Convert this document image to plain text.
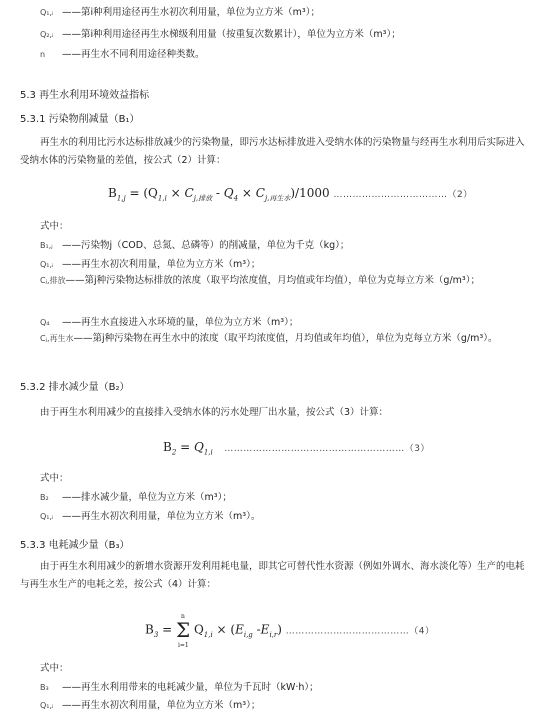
Q₁,ᵢ ——第i种利用途径再生水初次利用量，单位为立方米（m³）；
Q₂,ᵢ ——第i种利用途径再生水梯级利用量（按重复次数累计），单位为立方米（m³）；
n ——再生水不同利用途径种类数。
5.3 再生水利用环境效益指标
5.3.1 污染物削减量（B₁）
再生水的利用比污水达标排放减少的污染物量，即污水达标排放进入受纳水体的污染物量与经再生水利用后实际进入受纳水体的污染物量的差值，按公式（2）计算：
$B_{1,j} = (Q_{1,i} \times C_{j,排放} - Q_4 \times C_{j,再生水})/1000$ ………………………………（2）
式中：
B₁,ⱼ ——污染物j（COD、总氮、总磷等）的削减量，单位为千克（kg）；
Q₁,ᵢ ——再生水初次利用量，单位为立方米（m³）；
Cⱼ,排放——第j种污染物达标排放的浓度（取平均浓度值，月均值或年均值），单位为克每立方米（g/m³）；
Q₄ ——再生水直接进入水环境的量，单位为立方米（m³）；
Cⱼ,再生水——第j种污染物在再生水中的浓度（取平均浓度值，月均值或年均值），单位为克每立方米（g/m³）。
5.3.2 排水减少量（B₂）
由于再生水利用减少的直接排入受纳水体的污水处理厂出水量，按公式（3）计算：
$B_2 = Q_{1,i}$ …………………………………………………（3）
式中：
B₂ ——排水减少量，单位为立方米（m³）；
Q₁,ᵢ ——再生水初次利用量，单位为立方米（m³）。
5.3.3 电耗减少量（B₃）
由于再生水利用减少的新增水资源开发利用耗电量，即其它可替代性水资源（例如外调水、海水淡化等）生产的电耗与再生水生产的电耗之差，按公式（4）计算：
$B_3 = \Sigma$
n
i=1
$Q_{1,i} \times (E_{i,g}$ $-E_{i,r}$) …………………………………（4）
式中：
B₃ ——再生水利用带来的电耗减少量，单位为千瓦时（kW·h）；
Q₁,ᵢ ——再生水初次利用量，单位为立方米（m³）；
